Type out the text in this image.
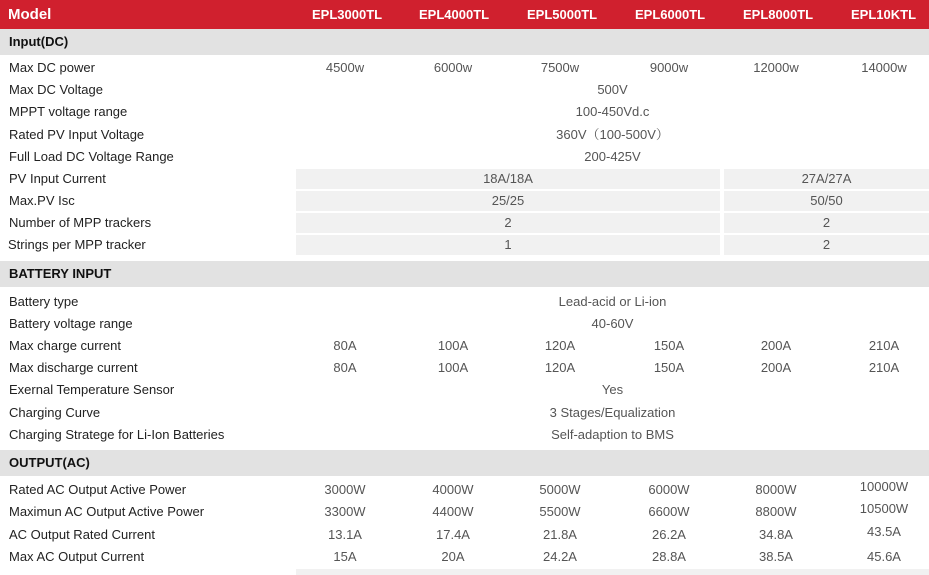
Model	EPL3000TL	EPL4000TL	EPL5000TL	EPL6000TL	EPL8000TL	EPL10KTL
Input(DC)
Max DC power	4500w	6000w	7500w	9000w	12000w	14000w
Max DC Voltage	500V
MPPT voltage range	100-450Vd.c
Rated PV Input Voltage	360V（100-500V）
Full Load DC Voltage Range	200-425V
PV Input Current	18A/18A	27A/27A
Max.PV Isc	25/25	50/50
Number of MPP trackers	2	2
Strings per MPP tracker	1	2
BATTERY INPUT
Battery type	Lead-acid or Li-ion
Battery voltage range	40-60V
Max charge current	80A	100A	120A	150A	200A	210A
Max discharge current	80A	100A	120A	150A	200A	210A
Exernal Temperature Sensor	Yes
Charging Curve	3 Stages/Equalization
Charging Stratege for Li-Ion Batteries	Self-adaption to BMS
OUTPUT(AC)
Rated AC Output Active Power	3000W	4000W	5000W	6000W	8000W	10000W
Maximun AC Output Active Power	3300W	4400W	5500W	6600W	8800W	10500W
AC Output Rated Current	13.1A	17.4A	21.8A	26.2A	34.8A	43.5A
Max AC Output Current	15A	20A	24.2A	28.8A	38.5A	45.6A
